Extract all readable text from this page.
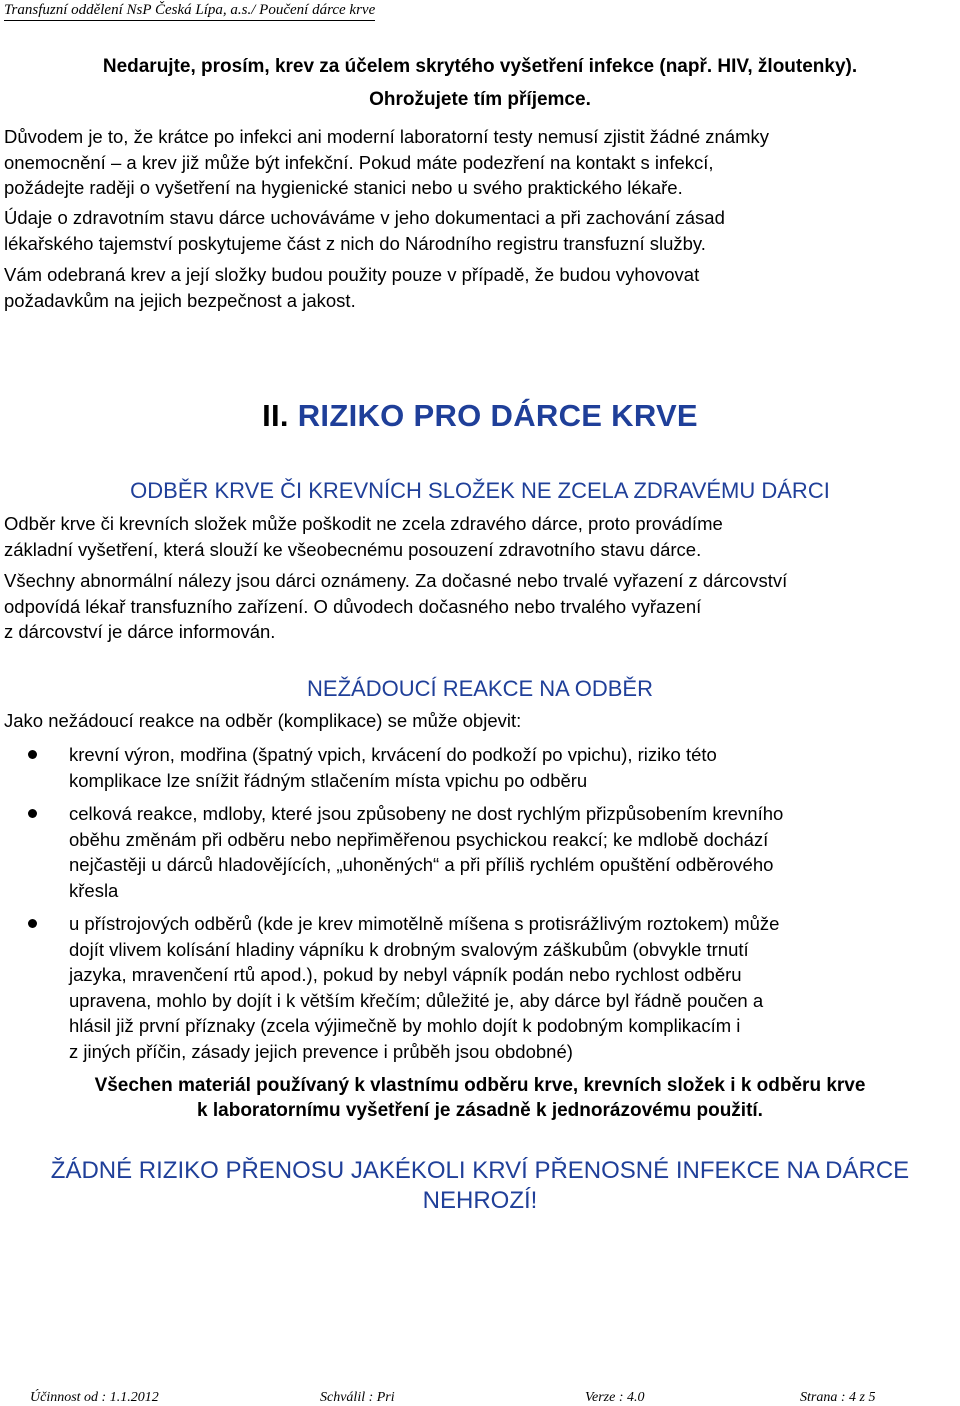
Transfuzní oddělení NsP Česká Lípa, a.s./ Poučení dárce krve
Nedarujte, prosím, krev za účelem skrytého vyšetření infekce (např. HIV, žloutenky).
Ohrožujete tím příjemce.
Důvodem je to, že krátce po infekci ani moderní laboratorní testy nemusí zjistit žádné známky
onemocnění – a krev již může být infekční. Pokud máte podezření na kontakt s infekcí,
požádejte raději o vyšetření na hygienické stanici nebo u svého praktického lékaře.
Údaje o zdravotním stavu dárce uchováváme v jeho dokumentaci a při zachování zásad
lékařského tajemství poskytujeme část z nich do Národního registru transfuzní služby.
Vám odebraná krev a její složky budou použity pouze v případě, že budou vyhovovat
požadavkům na jejich bezpečnost a jakost.
II. RIZIKO PRO DÁRCE KRVE
ODBĚR KRVE ČI KREVNÍCH SLOŽEK NE ZCELA ZDRAVÉMU DÁRCI
Odběr krve či krevních složek může poškodit ne zcela zdravého dárce, proto provádíme
základní vyšetření, která slouží ke všeobecnému posouzení zdravotního stavu dárce.
Všechny abnormální nálezy jsou dárci oznámeny. Za dočasné nebo trvalé vyřazení z dárcovství
odpovídá lékař transfuzního zařízení. O důvodech dočasného nebo trvalého vyřazení
z dárcovství je dárce informován.
NEŽÁDOUCÍ REAKCE NA ODBĚR
Jako nežádoucí reakce na odběr (komplikace) se může objevit:
krevní výron, modřina (špatný vpich, krvácení do podkoží po vpichu), riziko této
komplikace lze snížit řádným stlačením místa vpichu po odběru
celková reakce, mdloby, které jsou způsobeny ne dost rychlým přizpůsobením krevního
oběhu změnám při odběru nebo nepřiměřenou psychickou reakcí; ke mdlobě dochází
nejčastěji u dárců hladovějících, „uhoněných“ a při příliš rychlém opuštění odběrového
křesla
u přístrojových odběrů (kde je krev mimotělně míšena s protisrážlivým roztokem) může
dojít vlivem kolísání hladiny vápníku k drobným svalovým záškubům (obvykle trnutí
jazyka, mravenčení rtů apod.), pokud by nebyl vápník podán nebo rychlost odběru
upravena, mohlo by dojít i k větším křečím; důležité je, aby dárce byl řádně poučen a
hlásil již první příznaky (zcela výjimečně by mohlo dojít k podobným komplikacím i
z jiných příčin, zásady jejich prevence i průběh jsou obdobné)
Všechen materiál používaný k vlastnímu odběru krve, krevních složek i k odběru krve
k laboratornímu vyšetření je zásadně k jednorázovému použití.
ŽÁDNÉ RIZIKO PŘENOSU JAKÉKOLI KRVÍ PŘENOSNÉ INFEKCE NA DÁRCE
NEHROZÍ!
Účinnost od : 1.1.2012	Schválil : Pri	Verze : 4.0	Strana : 4 z 5
